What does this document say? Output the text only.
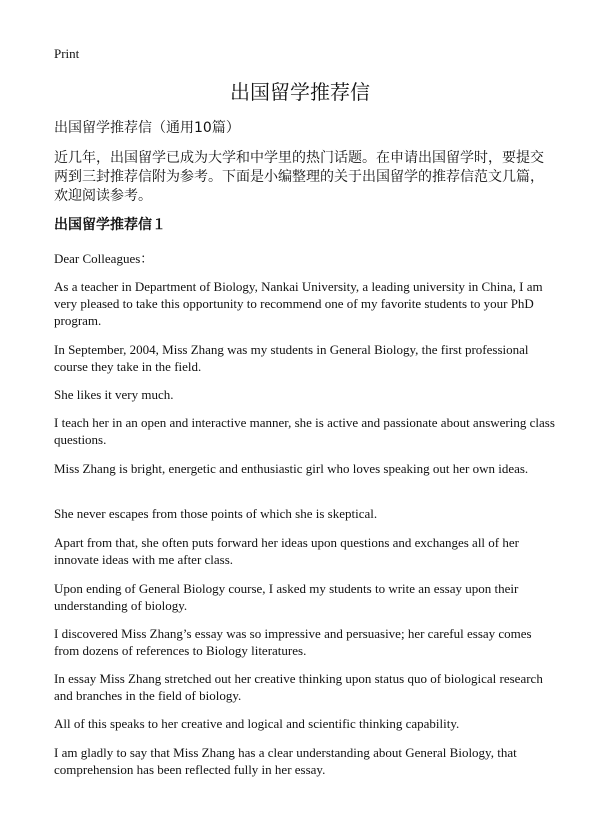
Print
出国留学推荐信

出国留学推荐信（通用10篇）

近几年，出国留学已成为大学和中学里的热门话题。在申请出国留学时，要提交两到三封推荐信附为参考。下面是小编整理的关于出国留学的推荐信范文几篇，欢迎阅读参考。

出国留学推荐信１

Dear Colleagues：

As a teacher in Department of Biology, Nankai University, a leading university in China, I am very pleased to take this opportunity to recommend one of my favorite students to your PhD program.

In September, 2004, Miss Zhang was my students in General Biology, the first professional course they take in the field.

She likes it very much.

I teach her in an open and interactive manner, she is active and passionate about answering class questions.

Miss Zhang is bright, energetic and enthusiastic girl who loves speaking out her own ideas.

She never escapes from those points of which she is skeptical.

Apart from that, she often puts forward her ideas upon questions and exchanges all of her innovate ideas with me after class.

Upon ending of General Biology course, I asked my students to write an essay upon their understanding of biology.

I discovered Miss Zhang’s essay was so impressive and persuasive; her careful essay comes from dozens of references to Biology literatures.

In essay Miss Zhang stretched out her creative thinking upon status quo of biological research and branches in the field of biology.

All of this speaks to her creative and logical and scientific thinking capability.

I am gladly to say that Miss Zhang has a clear understanding about General Biology, that comprehension has been reflected fully in her essay.
